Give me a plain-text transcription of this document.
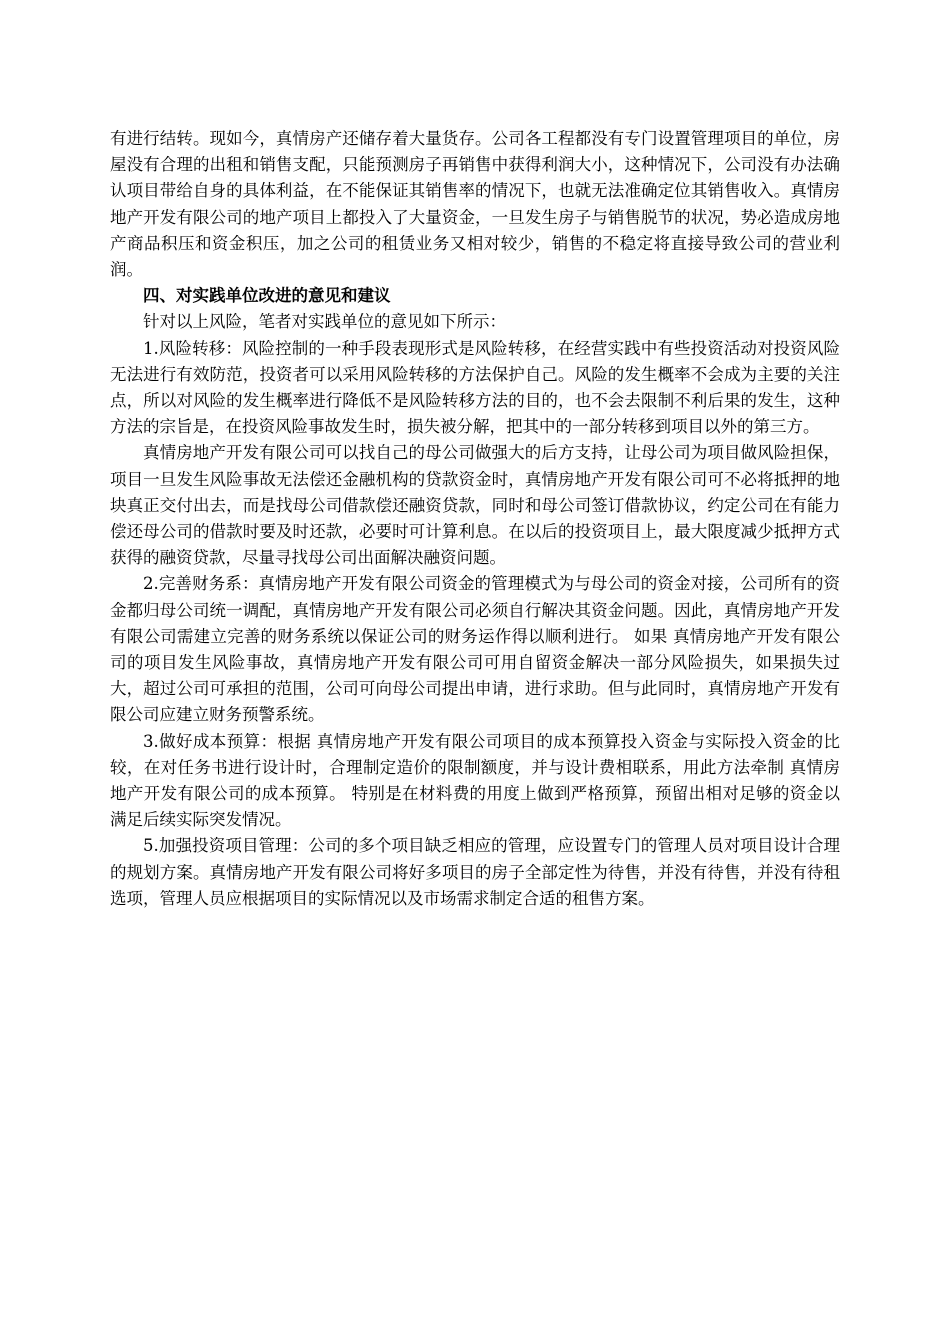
有进行结转。现如今，真情房产还储存着大量货存。公司各工程都没有专门设置管理项目的单位，房屋没有合理的出租和销售支配，只能预测房子再销售中获得利润大小，这种情况下，公司没有办法确认项目带给自身的具体利益，在不能保证其销售率的情况下，也就无法准确定位其销售收入。真情房地产开发有限公司的地产项目上都投入了大量资金，一旦发生房子与销售脱节的状况，势必造成房地产商品积压和资金积压，加之公司的租赁业务又相对较少，销售的不稳定将直接导致公司的营业利润。

四、对实践单位改进的意见和建议

针对以上风险，笔者对实践单位的意见如下所示：

1.风险转移：风险控制的一种手段表现形式是风险转移，在经营实践中有些投资活动对投资风险无法进行有效防范，投资者可以采用风险转移的方法保护自己。风险的发生概率不会成为主要的关注点，所以对风险的发生概率进行降低不是风险转移方法的目的，也不会去限制不利后果的发生，这种方法的宗旨是，在投资风险事故发生时，损失被分解，把其中的一部分转移到项目以外的第三方。

真情房地产开发有限公司可以找自己的母公司做强大的后方支持，让母公司为项目做风险担保，项目一旦发生风险事故无法偿还金融机构的贷款资金时，真情房地产开发有限公司可不必将抵押的地块真正交付出去，而是找母公司借款偿还融资贷款，同时和母公司签订借款协议，约定公司在有能力偿还母公司的借款时要及时还款，必要时可计算利息。在以后的投资项目上，最大限度减少抵押方式获得的融资贷款，尽量寻找母公司出面解决融资问题。

2.完善财务系：真情房地产开发有限公司资金的管理模式为与母公司的资金对接，公司所有的资金都归母公司统一调配，真情房地产开发有限公司必须自行解决其资金问题。因此，真情房地产开发有限公司需建立完善的财务系统以保证公司的财务运作得以顺利进行。 如果 真情房地产开发有限公司的项目发生风险事故，真情房地产开发有限公司可用自留资金解决一部分风险损失，如果损失过大，超过公司可承担的范围，公司可向母公司提出申请，进行求助。但与此同时，真情房地产开发有限公司应建立财务预警系统。

3.做好成本预算：根据 真情房地产开发有限公司项目的成本预算投入资金与实际投入资金的比较，在对任务书进行设计时，合理制定造价的限制额度，并与设计费相联系，用此方法牵制 真情房地产开发有限公司的成本预算。 特别是在材料费的用度上做到严格预算，预留出相对足够的资金以满足后续实际突发情况。

5.加强投资项目管理：公司的多个项目缺乏相应的管理，应设置专门的管理人员对项目设计合理的规划方案。真情房地产开发有限公司将好多项目的房子全部定性为待售，并没有待售，并没有待租选项，管理人员应根据项目的实际情况以及市场需求制定合适的租售方案。
